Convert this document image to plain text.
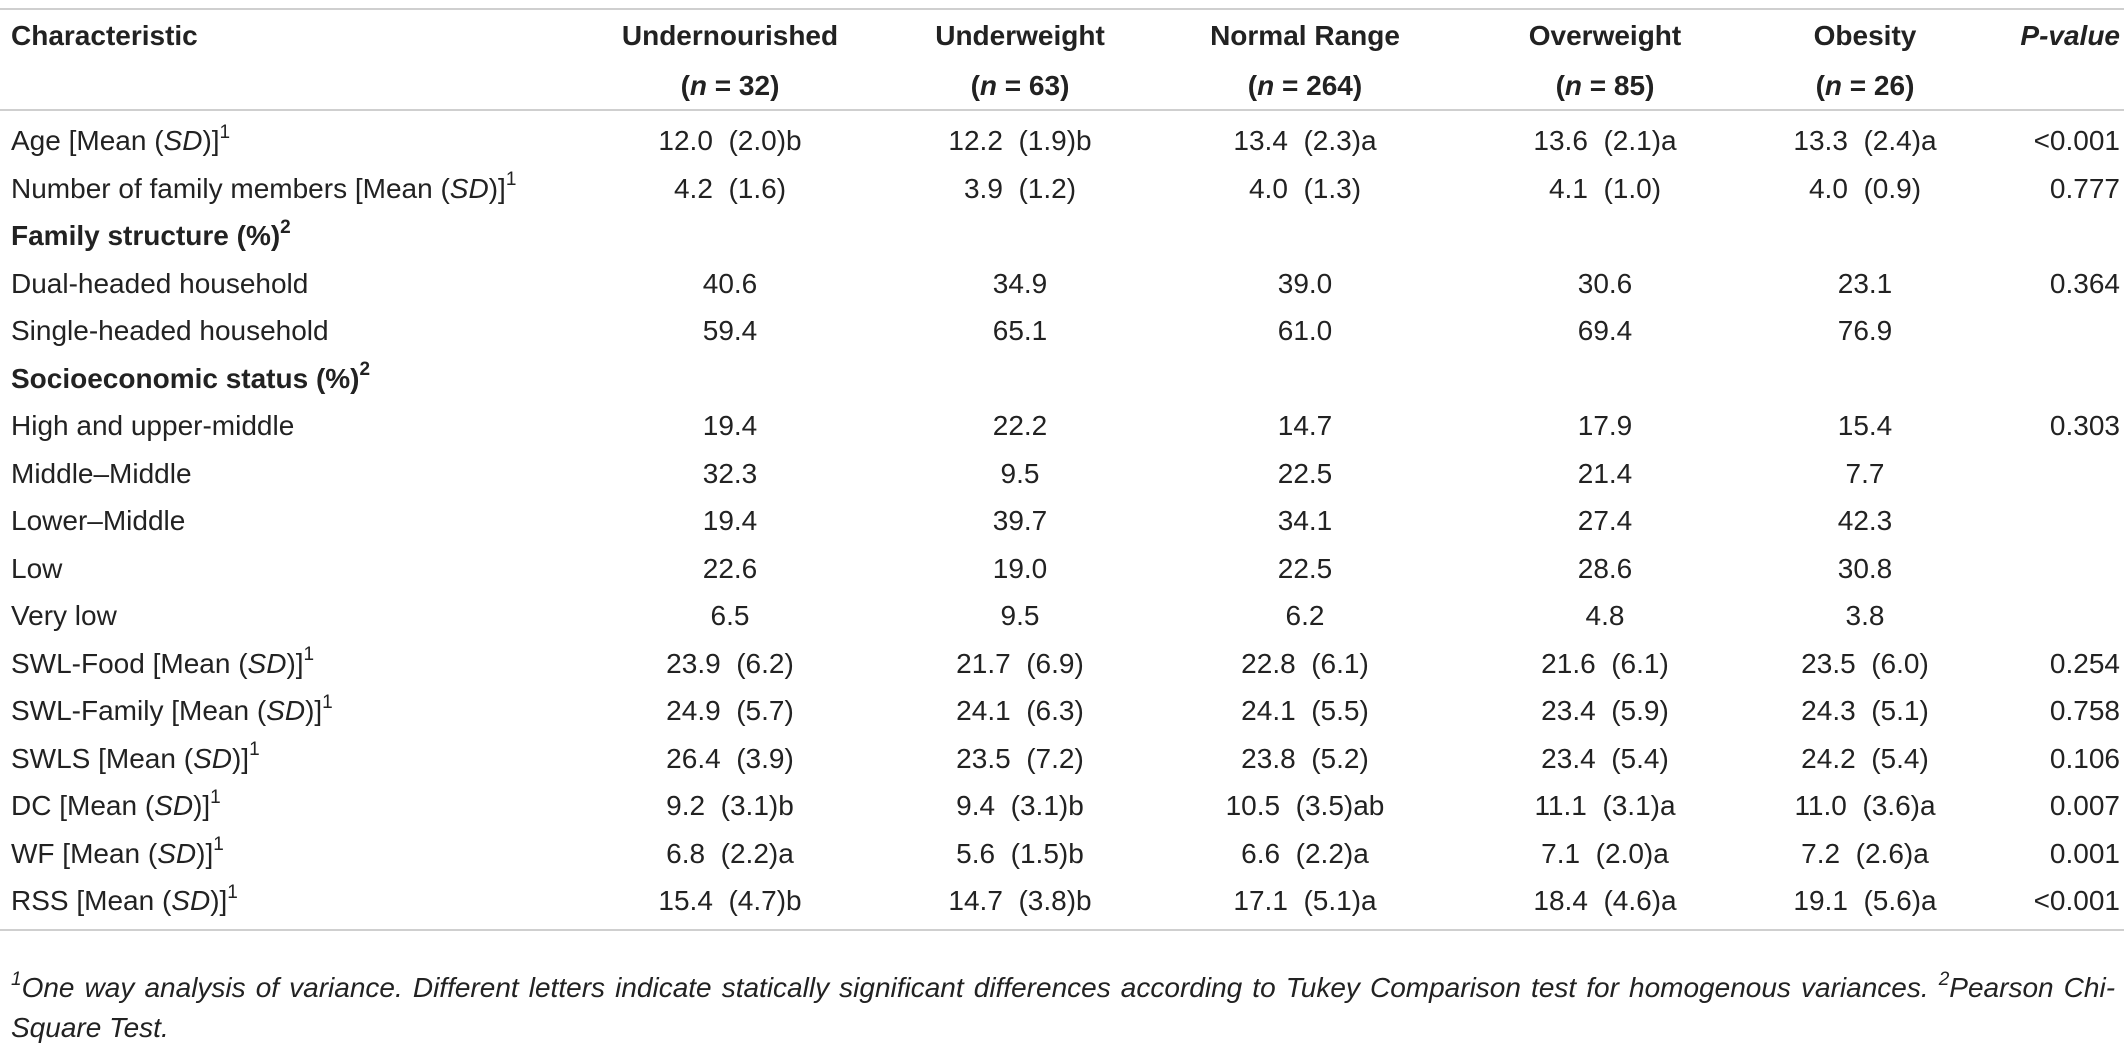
Characteristic	Undernourished	Underweight	Normal Range	Overweight	Obesity	P-value
	(n = 32)	(n = 63)	(n = 264)	(n = 85)	(n = 26)	
Age [Mean (SD)]$^1$	12.0  (2.0)b	12.2  (1.9)b	13.4  (2.3)a	13.6  (2.1)a	13.3  (2.4)a	<0.001
Number of family members [Mean (SD)]$^1$	4.2  (1.6)	3.9  (1.2)	4.0  (1.3)	4.1  (1.0)	4.0  (0.9)	0.777
Family structure (%)$^2$
Dual-headed household	40.6	34.9	39.0	30.6	23.1	0.364
Single-headed household	59.4	65.1	61.0	69.4	76.9	
Socioeconomic status (%)$^2$
High and upper-middle	19.4	22.2	14.7	17.9	15.4	0.303
Middle–Middle	32.3	9.5	22.5	21.4	7.7	
Lower–Middle	19.4	39.7	34.1	27.4	42.3	
Low	22.6	19.0	22.5	28.6	30.8	
Very low	6.5	9.5	6.2	4.8	3.8	
SWL-Food [Mean (SD)]$^1$	23.9  (6.2)	21.7  (6.9)	22.8  (6.1)	21.6  (6.1)	23.5  (6.0)	0.254
SWL-Family [Mean (SD)]$^1$	24.9  (5.7)	24.1  (6.3)	24.1  (5.5)	23.4  (5.9)	24.3  (5.1)	0.758
SWLS [Mean (SD)]$^1$	26.4  (3.9)	23.5  (7.2)	23.8  (5.2)	23.4  (5.4)	24.2  (5.4)	0.106
DC [Mean (SD)]$^1$	9.2  (3.1)b	9.4  (3.1)b	10.5  (3.5)ab	11.1  (3.1)a	11.0  (3.6)a	0.007
WF [Mean (SD)]$^1$	6.8  (2.2)a	5.6  (1.5)b	6.6  (2.2)a	7.1  (2.0)a	7.2  (2.6)a	0.001
RSS [Mean (SD)]$^1$	15.4  (4.7)b	14.7  (3.8)b	17.1  (5.1)a	18.4  (4.6)a	19.1  (5.6)a	<0.001
$^1$One way analysis of variance. Different letters indicate statically significant differences according to Tukey Comparison test for homogenous variances. $^2$Pearson Chi-Square Test.
